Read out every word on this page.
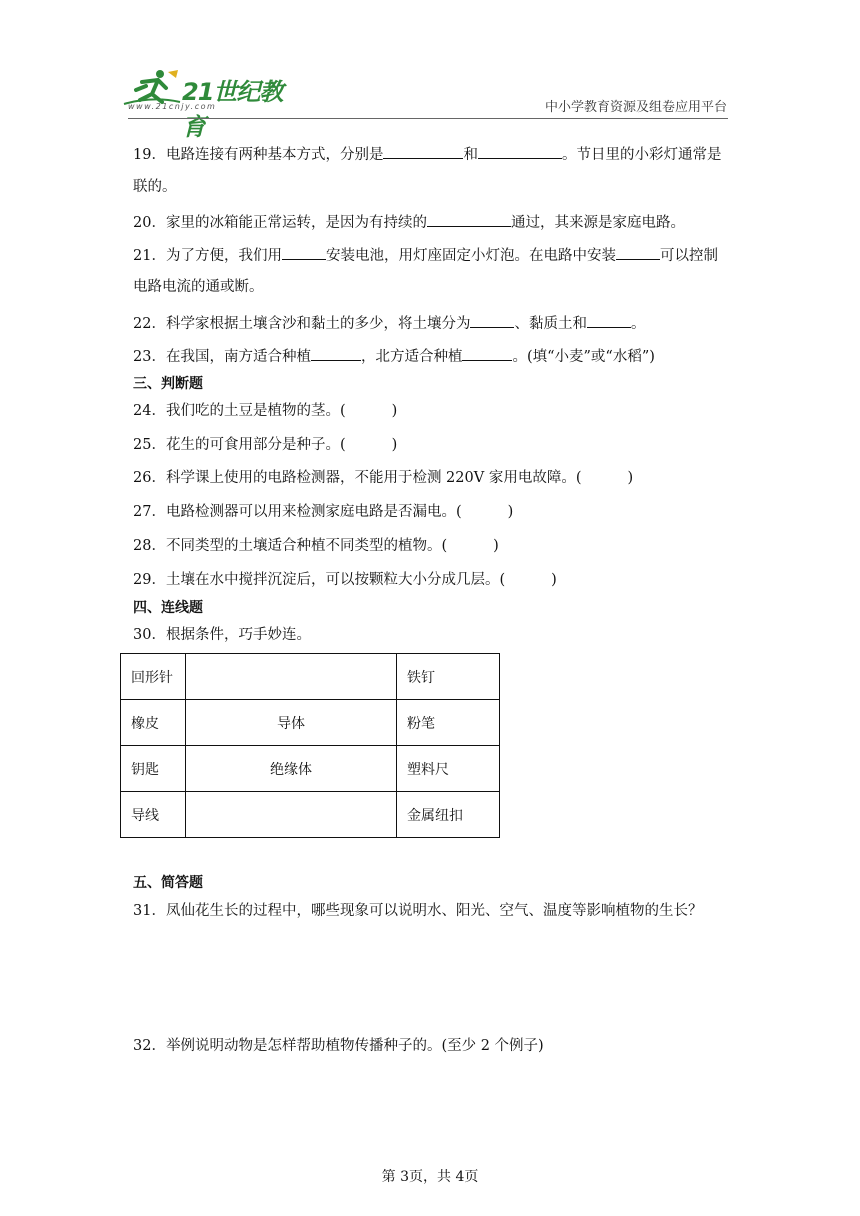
21世纪教育
www.21cnjy.com	中小学教育资源及组卷应用平台
19．电路连接有两种基本方式，分别是	和	。节日里的小彩灯通常是
联的。
20．家里的冰箱能正常运转，是因为有持续的	通过，其来源是家庭电路。
21．为了方便，我们用	安装电池，用灯座固定小灯泡。在电路中安装	可以控制
电路电流的通或断。
22．科学家根据土壤含沙和黏土的多少，将土壤分为	、黏质土和	。
23．在我国，南方适合种植	，北方适合种植	。(填“小麦”或“水稻”)
三、判断题
24．我们吃的土豆是植物的茎。(	)
25．花生的可食用部分是种子。(	)
26．科学课上使用的电路检测器，不能用于检测 220V 家用电故障。(	)
27．电路检测器可以用来检测家庭电路是否漏电。(	)
28．不同类型的土壤适合种植不同类型的植物。(	)
29．土壤在水中搅拌沉淀后，可以按颗粒大小分成几层。(	)
四、连线题
30．根据条件，巧手妙连。
回形针		铁钉
橡皮	导体	粉笔
钥匙	绝缘体	塑料尺
导线		金属纽扣
五、简答题
31．凤仙花生长的过程中，哪些现象可以说明水、阳光、空气、温度等影响植物的生长？
32．举例说明动物是怎样帮助植物传播种子的。(至少 2 个例子)
第 3页，共 4页
